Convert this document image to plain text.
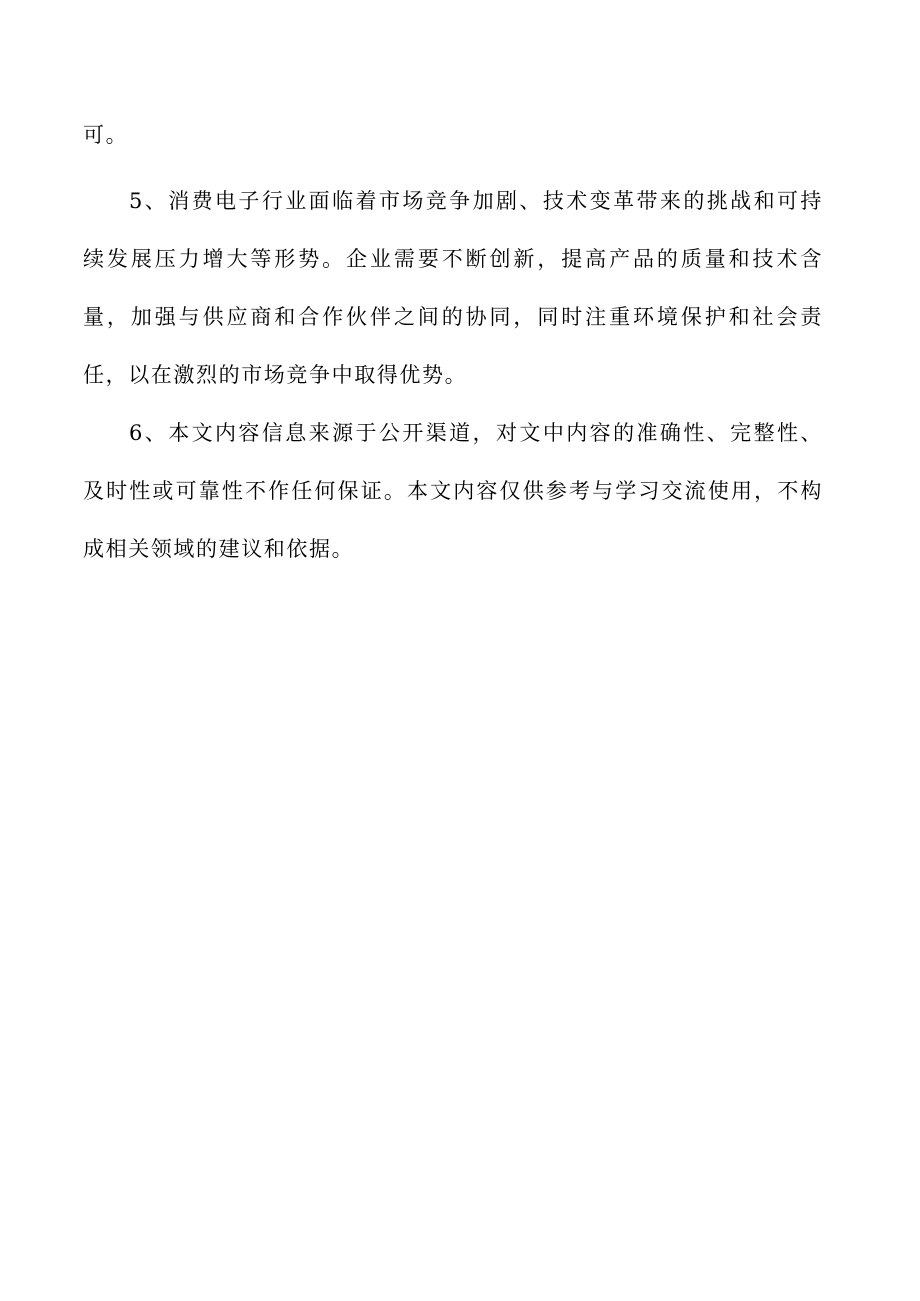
可。
5、消费电子行业面临着市场竞争加剧、技术变革带来的挑战和可持
续发展压力增大等形势。企业需要不断创新，提高产品的质量和技术含
量，加强与供应商和合作伙伴之间的协同，同时注重环境保护和社会责
任，以在激烈的市场竞争中取得优势。
6、本文内容信息来源于公开渠道，对文中内容的准确性、完整性、
及时性或可靠性不作任何保证。本文内容仅供参考与学习交流使用，不构
成相关领域的建议和依据。
